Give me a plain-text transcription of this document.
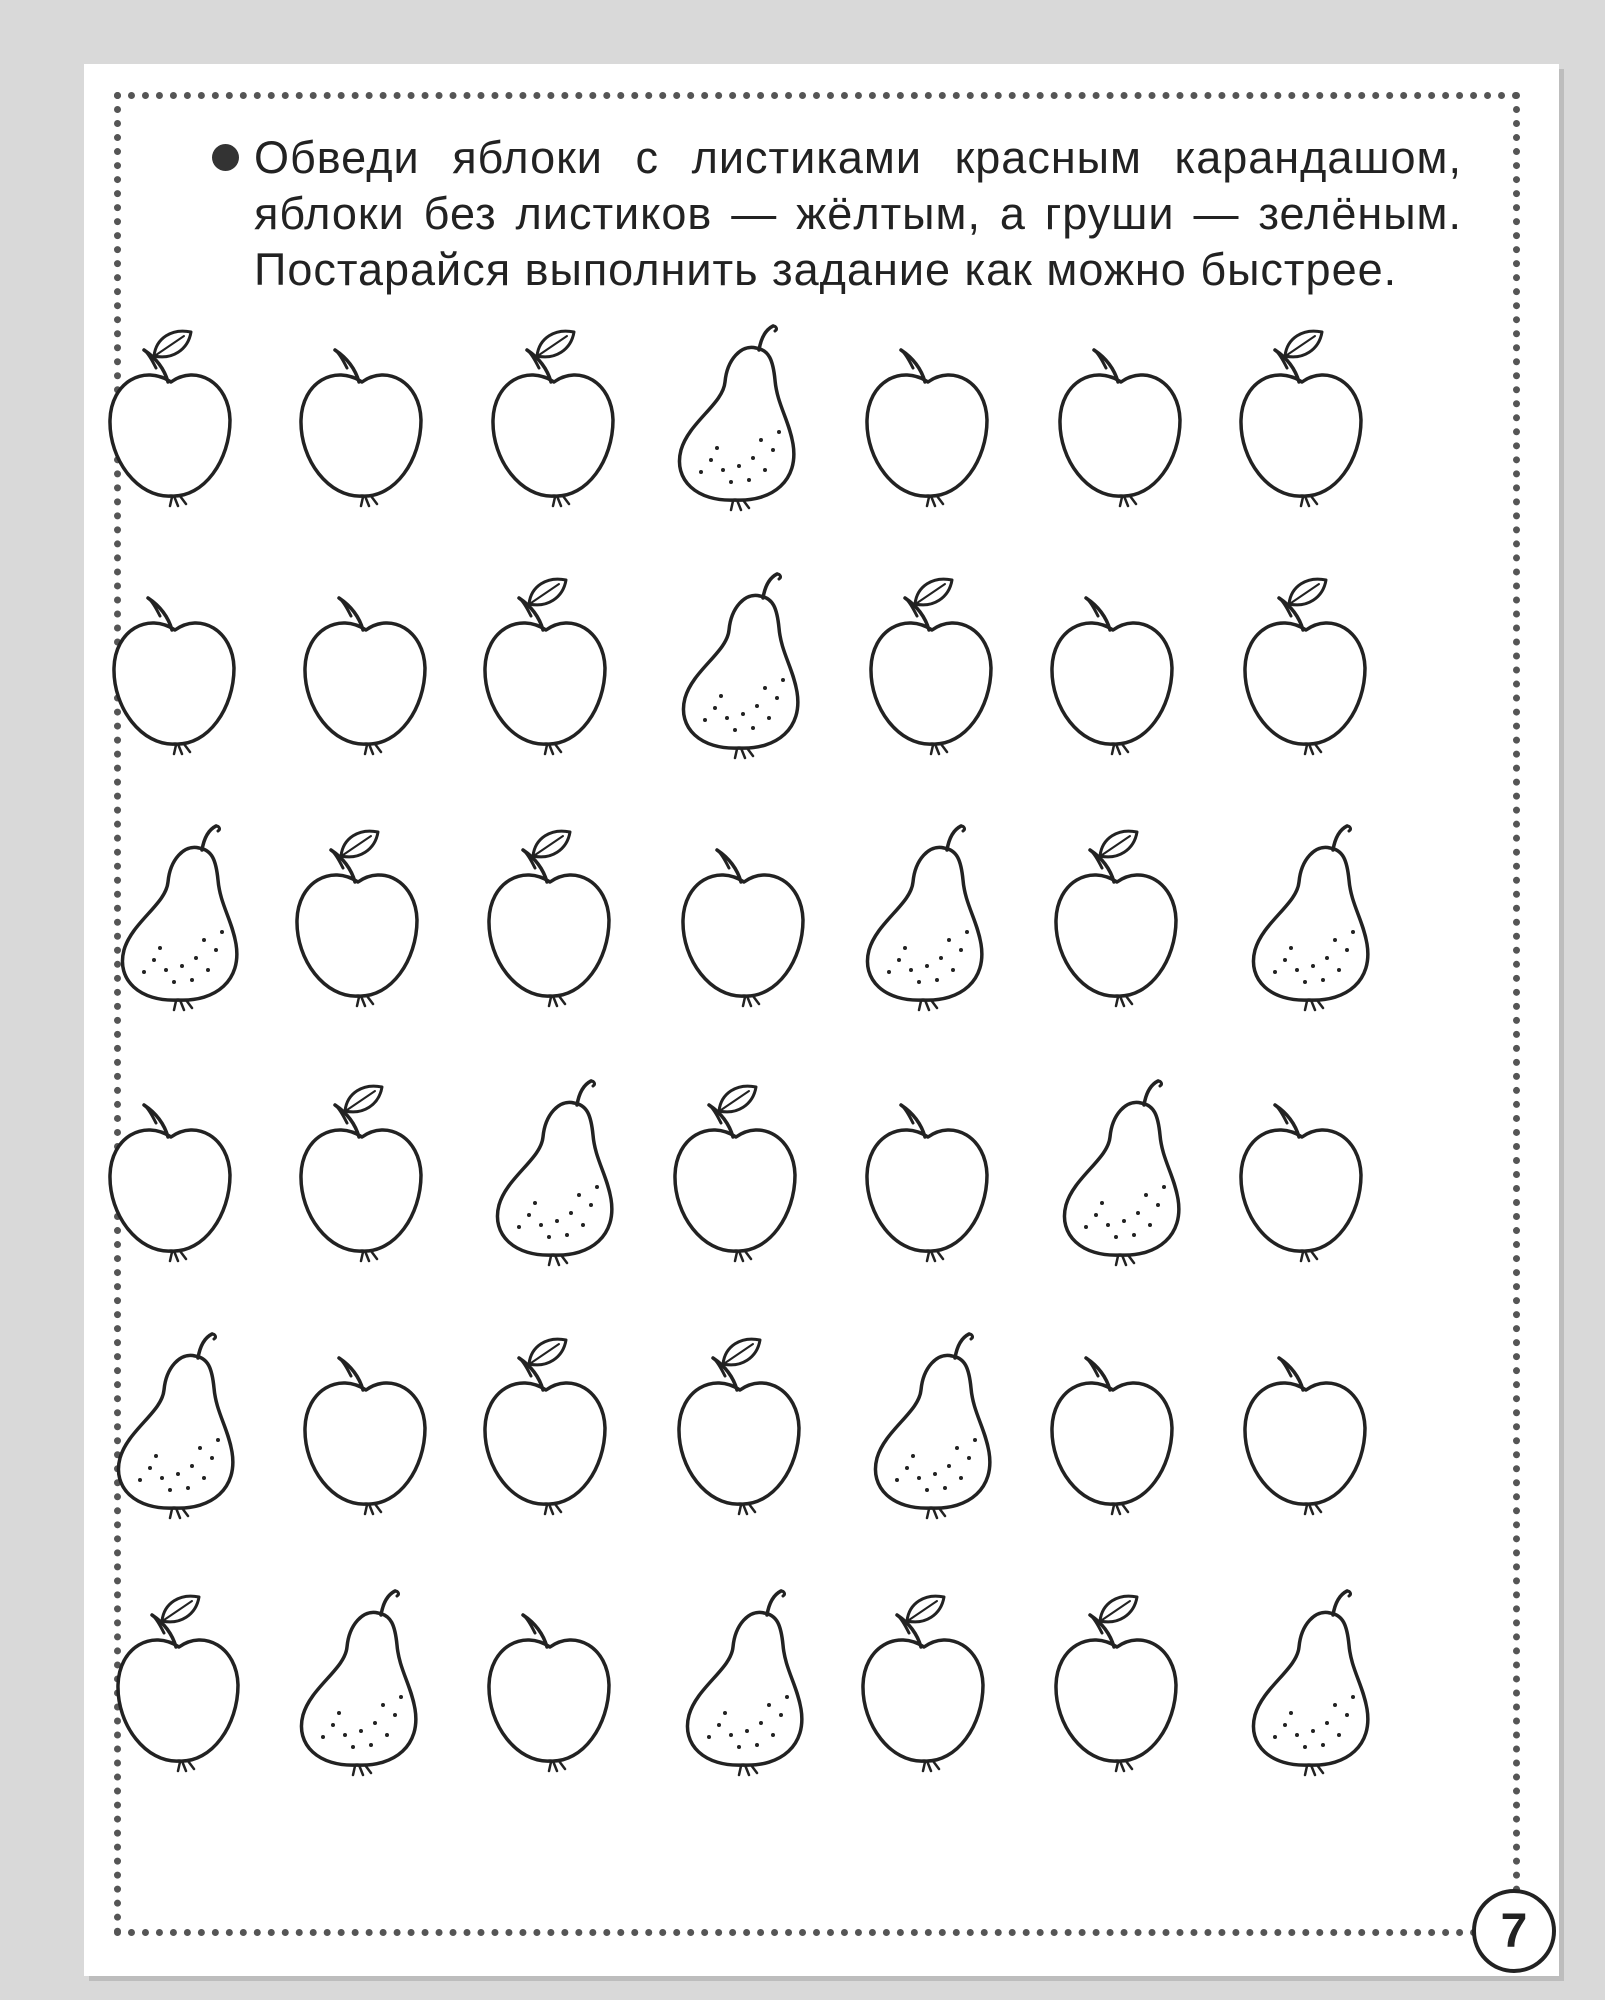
Обведи яблоки с листиками красным карандашом, яблоки без листиков — жёлтым, а груши — зелёным. Постарайся выполнить задание как можно быстрее.
7
